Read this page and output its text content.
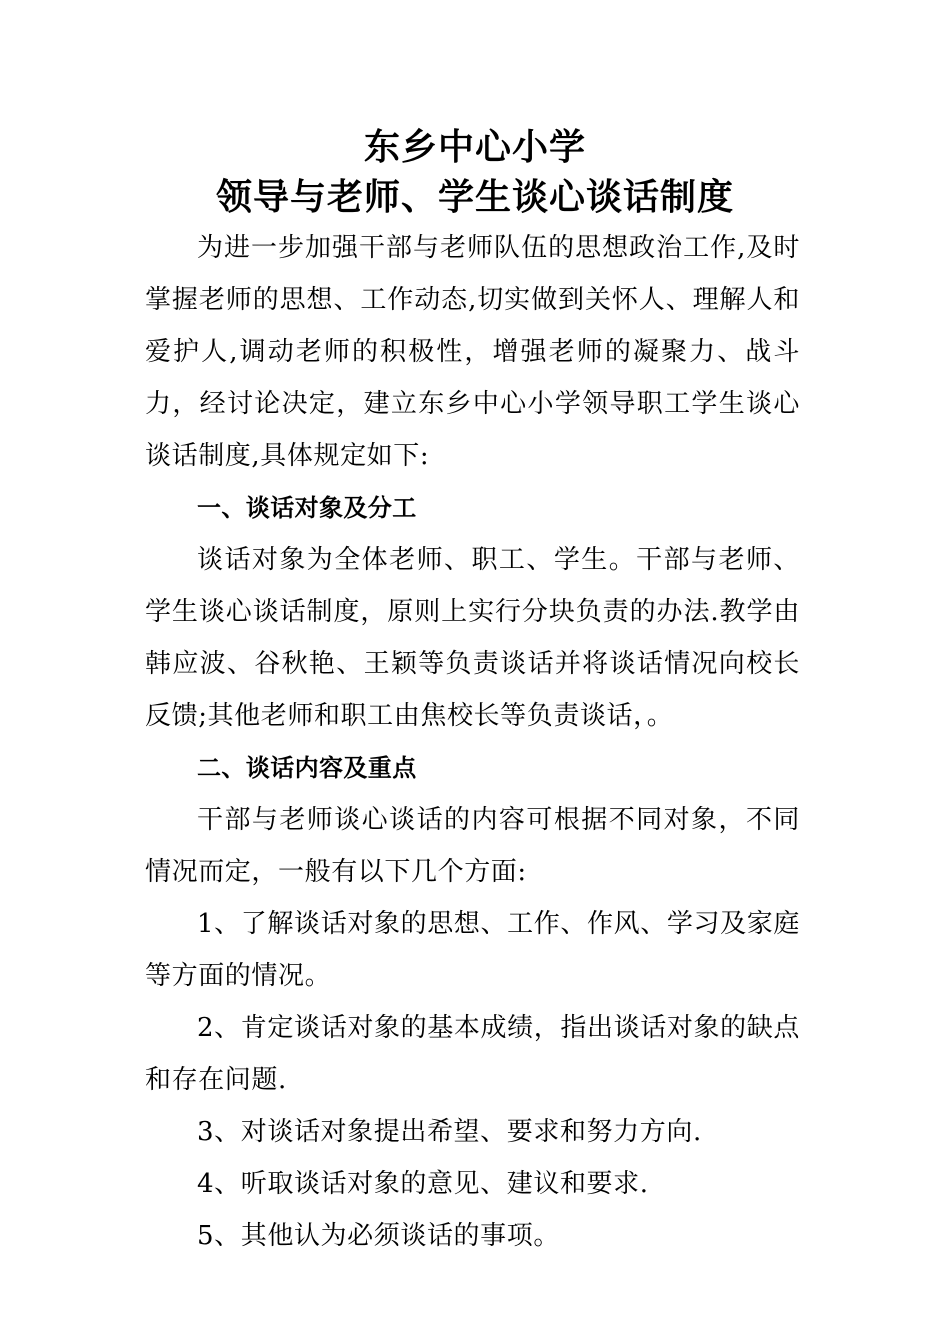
东乡中心小学
领导与老师、学生谈心谈话制度

为进一步加强干部与老师队伍的思想政治工作,及时掌握老师的思想、工作动态,切实做到关怀人、理解人和爱护人,调动老师的积极性，增强老师的凝聚力、战斗力，经讨论决定，建立东乡中心小学领导职工学生谈心谈话制度,具体规定如下:

一、谈话对象及分工

谈话对象为全体老师、职工、学生。干部与老师、学生谈心谈话制度，原则上实行分块负责的办法.教学由韩应波、谷秋艳、王颖等负责谈话并将谈话情况向校长反馈;其他老师和职工由焦校长等负责谈话，。

二、谈话内容及重点

干部与老师谈心谈话的内容可根据不同对象，不同情况而定，一般有以下几个方面:

1、了解谈话对象的思想、工作、作风、学习及家庭等方面的情况。

2、肯定谈话对象的基本成绩，指出谈话对象的缺点和存在问题.

3、对谈话对象提出希望、要求和努力方向.

4、听取谈话对象的意见、建议和要求.

5、其他认为必须谈话的事项。
